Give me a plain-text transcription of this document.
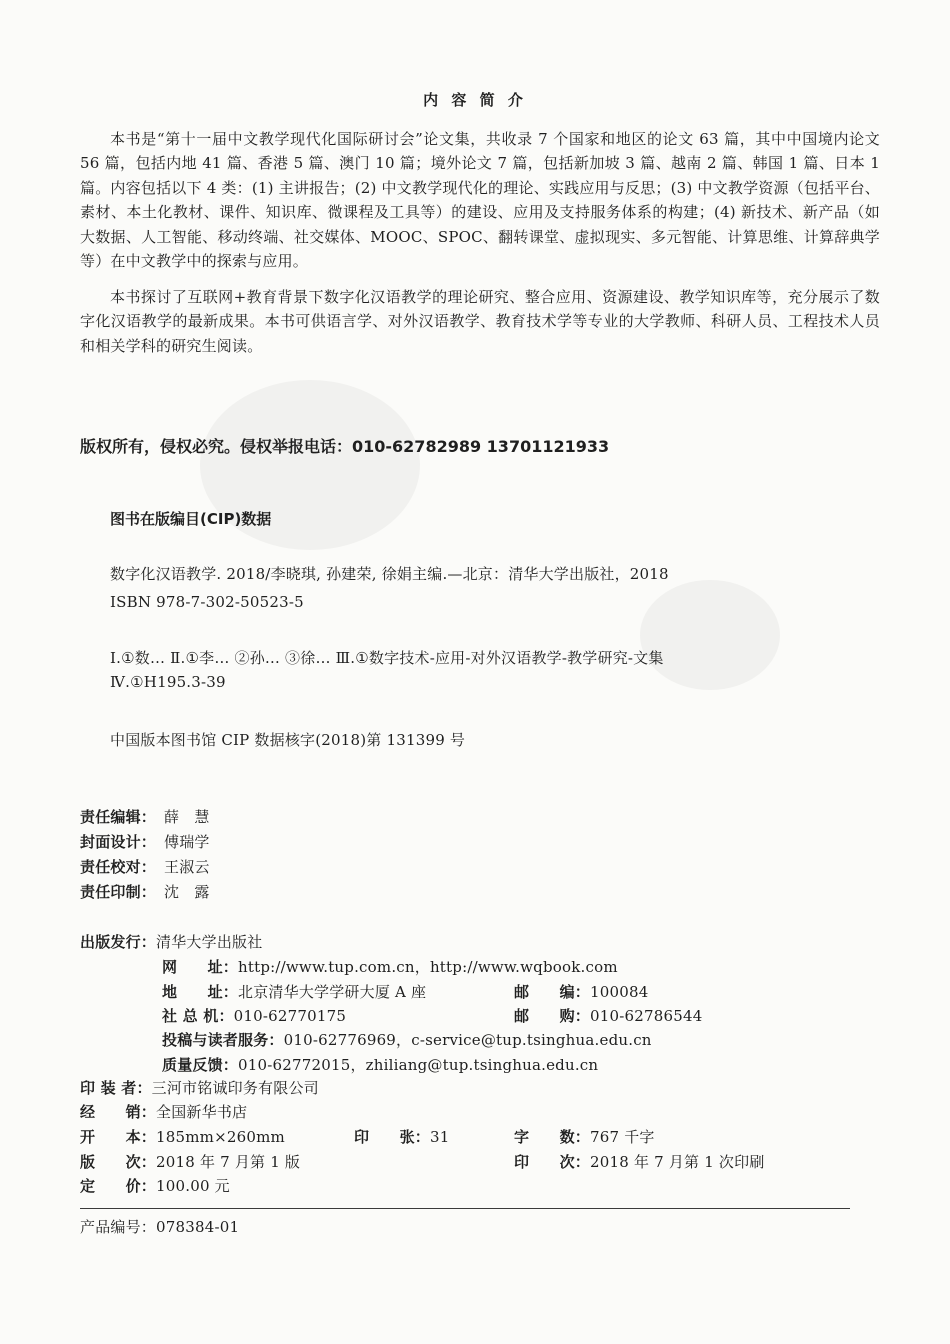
内 容 简 介
本书是“第十一届中文教学现代化国际研讨会”论文集，共收录 7 个国家和地区的论文 63 篇，其中中国境内论文 56 篇，包括内地 41 篇、香港 5 篇、澳门 10 篇；境外论文 7 篇，包括新加坡 3 篇、越南 2 篇、韩国 1 篇、日本 1 篇。内容包括以下 4 类：(1) 主讲报告；(2) 中文教学现代化的理论、实践应用与反思；(3) 中文教学资源（包括平台、素材、本土化教材、课件、知识库、微课程及工具等）的建设、应用及支持服务体系的构建；(4) 新技术、新产品（如大数据、人工智能、移动终端、社交媒体、MOOC、SPOC、翻转课堂、虚拟现实、多元智能、计算思维、计算辞典学等）在中文教学中的探索与应用。
本书探讨了互联网+教育背景下数字化汉语教学的理论研究、整合应用、资源建设、教学知识库等，充分展示了数字化汉语教学的最新成果。本书可供语言学、对外汉语教学、教育技术学等专业的大学教师、科研人员、工程技术人员和相关学科的研究生阅读。
版权所有，侵权必究。侵权举报电话：010-62782989 13701121933
图书在版编目(CIP)数据
数字化汉语教学. 2018/李晓琪, 孙建荣, 徐娟主编.—北京：清华大学出版社，2018
ISBN 978-7-302-50523-5
Ⅰ.①数… Ⅱ.①李… ②孙… ③徐… Ⅲ.①数字技术-应用-对外汉语教学-教学研究-文集
Ⅳ.①H195.3-39
中国版本图书馆 CIP 数据核字(2018)第 131399 号
责任编辑： 薛　慧
封面设计： 傅瑞学
责任校对： 王淑云
责任印制： 沈　露
出版发行：清华大学出版社
网　　址：http://www.tup.com.cn，http://www.wqbook.com
地　　址：北京清华大学学研大厦 A 座	邮　　编：100084
社 总 机：010-62770175	邮　　购：010-62786544
投稿与读者服务：010-62776969，c-service@tup.tsinghua.edu.cn
质量反馈：010-62772015，zhiliang@tup.tsinghua.edu.cn
印 装 者：三河市铭诚印务有限公司
经　　销：全国新华书店
开　　本：185mm×260mm	印　　张：31	字　　数：767 千字
版　　次：2018 年 7 月第 1 版	印　　次：2018 年 7 月第 1 次印刷
定　　价：100.00 元
产品编号：078384-01
